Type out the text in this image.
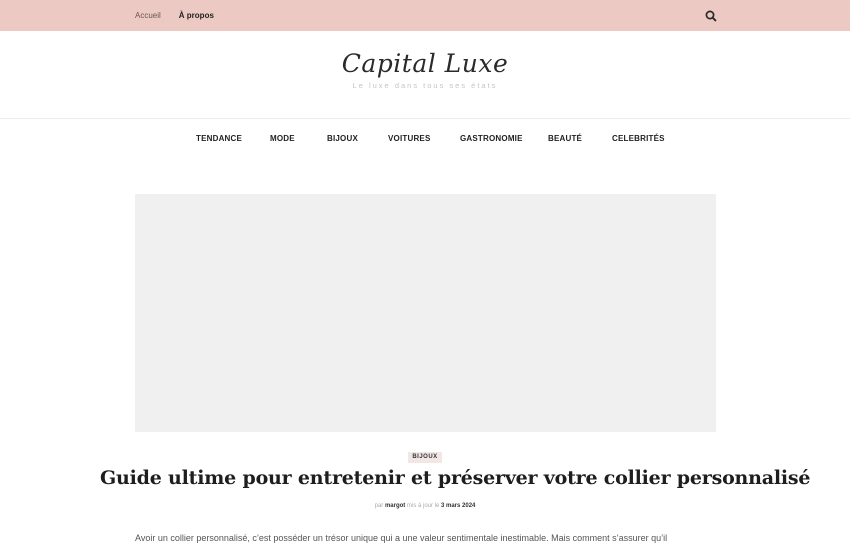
Accueil À propos
Capital Luxe
Le luxe dans tous ses états
TENDANCE	MODE	BIJOUX	VOITURES	GASTRONOMIE	BEAUTÉ	CELEBRITÉS
BIJOUX
Guide ultime pour entretenir et préserver votre collier personnalisé
par margot mis à jour le 3 mars 2024

Avoir un collier personnalisé, c’est posséder un trésor unique qui a une valeur sentimentale inestimable. Mais comment s’assurer qu’il
